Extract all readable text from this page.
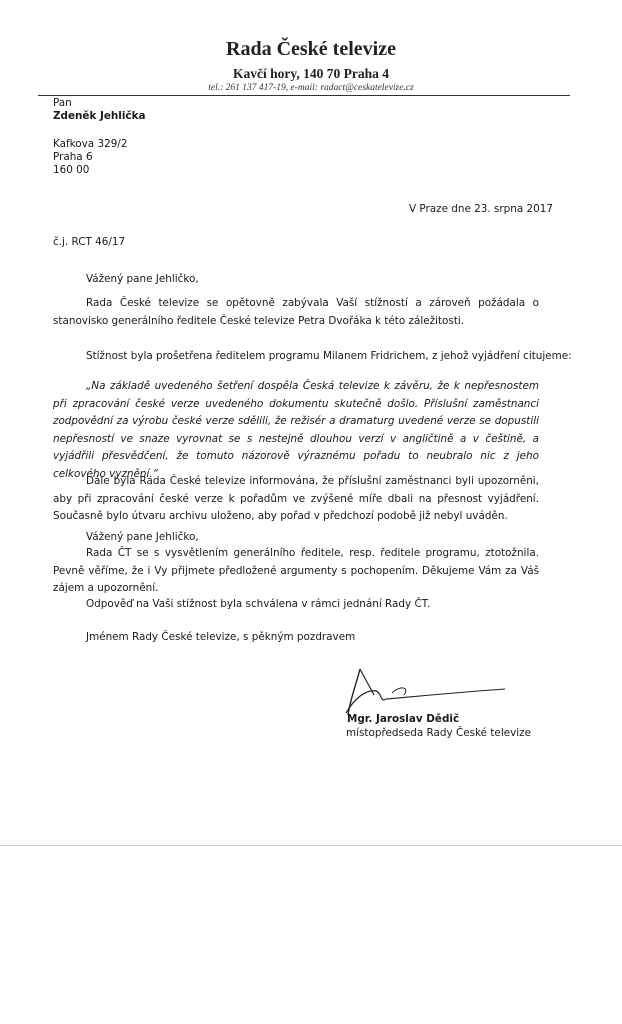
Rada České televize
Kavčí hory, 140 70 Praha 4
tel.: 261 137 417-19, e-mail: radact@ceskatelevize.cz
Pan
Zdeněk Jehlička
Kafkova 329/2
Praha 6
160 00
V Praze dne 23. srpna 2017
č.j. RCT 46/17
Vážený pane Jehličko,

Rada České televize se opětovně zabývala Vaší stížností a zároveň požádala o stanovisko generálního ředitele České televize Petra Dvořáka k této záležitosti.

Stížnost byla prošetřena ředitelem programu Milanem Fridrichem, z jehož vyjádření citujeme:

„Na základě uvedeného šetření dospěla Česká televize k závěru, že k nepřesnostem při zpracování české verze uvedeného dokumentu skutečně došlo. Příslušní zaměstnanci zodpovědní za výrobu české verze sdělili, že režisér a dramaturg uvedené verze se dopustili nepřesností ve snaze vyrovnat se s nestejně dlouhou verzí v angličtině a v češtině, a vyjádřili přesvědčení, že tomuto názorově výraznému pořadu to neubralo nic z jeho celkového vyznění.“

Dále byla Rada České televize informována, že příslušní zaměstnanci byli upozorněni, aby při zpracování české verze k pořadům ve zvýšené míře dbali na přesnost vyjádření. Současně bylo útvaru archivu uloženo, aby pořad v předchozí podobě již nebyl uváděn.

Vážený pane Jehličko,

Rada ČT se s vysvětlením generálního ředitele, resp. ředitele programu, ztotožnila. Pevně věříme, že i Vy přijmete předložené argumenty s pochopením. Děkujeme Vám za Váš zájem a upozornění.

Odpověď na Vaši stížnost byla schválena v rámci jednání Rady ČT.
Jménem Rady České televize, s pěkným pozdravem
Mgr. Jaroslav Dědič
místopředseda Rady České televize
